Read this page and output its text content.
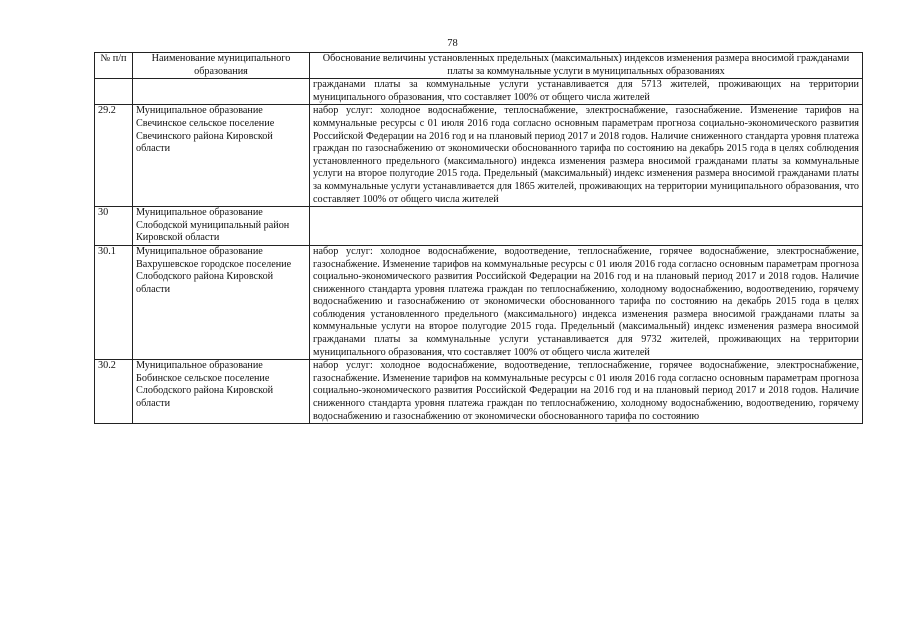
78
№ п/п	Наименование муниципального образования	Обоснование величины установленных предельных (максимальных) индексов изменения размера вносимой гражданами платы за коммунальные услуги в муниципальных образованиях
		гражданами платы за коммунальные услуги устанавливается для 5713 жителей, проживающих на территории муниципального образования, что составляет 100% от общего числа жителей
29.2	Муниципальное образование Свечинское сельское поселение Свечинского района Кировской области	набор услуг: холодное водоснабжение, теплоснабжение, электроснабжение, газоснабжение. Изменение тарифов на коммунальные ресурсы с 01 июля 2016 года согласно основным параметрам прогноза социально-экономического развития Российской Федерации на 2016 год и на плановый период 2017 и 2018 годов. Наличие сниженного стандарта уровня платежа граждан по газоснабжению от экономически обоснованного тарифа по состоянию на декабрь 2015 года в целях соблюдения установленного предельного (максимального) индекса изменения размера вносимой гражданами платы за коммунальные услуги на второе полугодие 2015 года. Предельный (максимальный) индекс изменения размера вносимой гражданами платы за коммунальные услуги устанавливается для 1865 жителей, проживающих на территории муниципального образования, что составляет 100% от общего числа жителей
30	Муниципальное образование Слободской муниципальный район Кировской области	
30.1	Муниципальное образование Вахрушевское городское поселение Слободского района Кировской области	набор услуг: холодное водоснабжение, водоотведение, теплоснабжение, горячее водоснабжение, электроснабжение, газоснабжение. Изменение тарифов на коммунальные ресурсы с 01 июля 2016 года согласно основным параметрам прогноза социально-экономического развития Российской Федерации на 2016 год и на плановый период 2017 и 2018 годов. Наличие сниженного стандарта уровня платежа граждан по теплоснабжению, холодному водоснабжению, водоотведению, горячему водоснабжению и газоснабжению от экономически обоснованного тарифа по состоянию на декабрь 2015 года в целях соблюдения установленного предельного (максимального) индекса изменения размера вносимой гражданами платы за коммунальные услуги на второе полугодие 2015 года. Предельный (максимальный) индекс изменения размера вносимой гражданами платы за коммунальные услуги устанавливается для 9732 жителей, проживающих на территории муниципального образования, что составляет 100% от общего числа жителей
30.2	Муниципальное образование Бобинское сельское поселение Слободского района Кировской области	набор услуг: холодное водоснабжение, водоотведение, теплоснабжение, горячее водоснабжение, электроснабжение, газоснабжение. Изменение тарифов на коммунальные ресурсы с 01 июля 2016 года согласно основным параметрам прогноза социально-экономического развития Российской Федерации на 2016 год и на плановый период 2017 и 2018 годов. Наличие сниженного стандарта уровня платежа граждан по теплоснабжению, холодному водоснабжению, водоотведению, горячему водоснабжению и газоснабжению от экономически обоснованного тарифа по состоянию
